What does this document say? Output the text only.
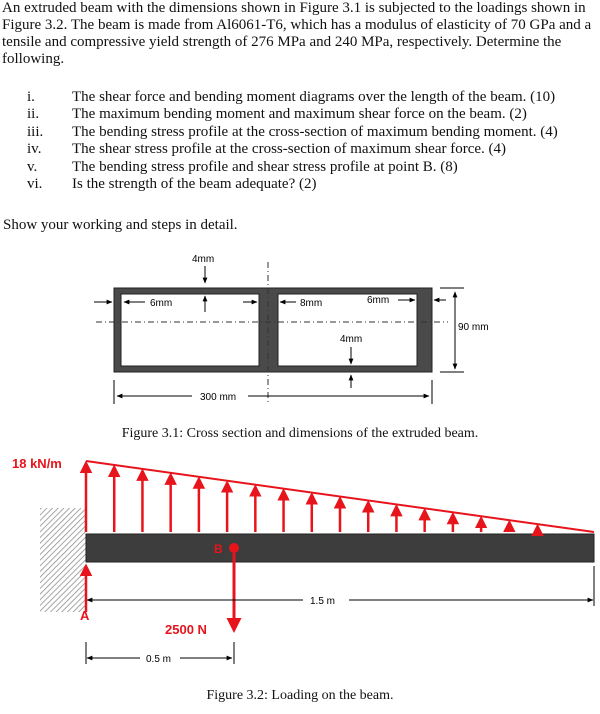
An extruded beam with the dimensions shown in Figure 3.1 is subjected to the loadings shown in Figure 3.2. The beam is made from Al6061-T6, which has a modulus of elasticity of 70 GPa and a tensile and compressive yield strength of 276 MPa and 240 MPa, respectively. Determine the following.

i.	The shear force and bending moment diagrams over the length of the beam. (10)
ii.	The maximum bending moment and maximum shear force on the beam. (2)
iii.	The bending stress profile at the cross-section of maximum bending moment. (4)
iv.	The shear stress profile at the cross-section of maximum shear force. (4)
v.	The bending stress profile and shear stress profile at point B. (8)
vi.	Is the strength of the beam adequate? (2)
Show your working and steps in detail.
4mm
6mm	8mm	6mm
4mm
90 mm
300 mm
Figure 3.1: Cross section and dimensions of the extruded beam.
18 kN/m
A
B
2500 N
1.5 m
0.5 m
Figure 3.2: Loading on the beam.
